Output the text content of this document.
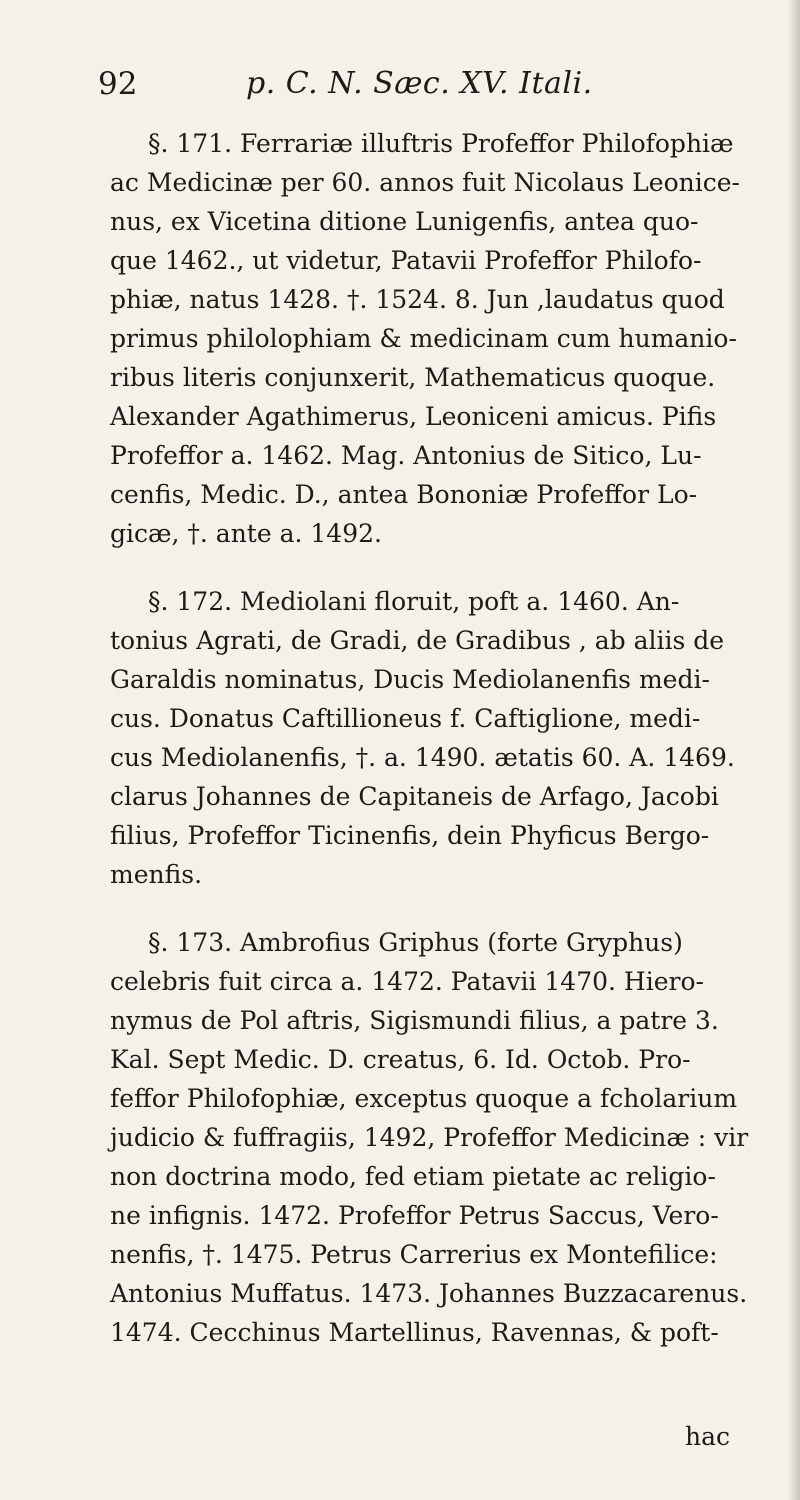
92	p. C. N. Sæc. XV. Itali.

§. 171. Ferrariæ illuftris Profeffor Philofophiæ
ac Medicinæ per 60. annos fuit Nicolaus Leonice-
nus, ex Vicetina ditione Lunigenfis, antea quo-
que 1462., ut videtur, Patavii Profeffor Philofo-
phiæ, natus 1428. †. 1524. 8. Jun ,laudatus quod
primus philolophiam & medicinam cum humanio-
ribus literis conjunxerit, Mathematicus quoque.
Alexander Agathimerus, Leoniceni amicus. Pifis
Profeffor a. 1462. Mag. Antonius de Sitico, Lu-
cenfis, Medic. D., antea Bononiæ Profeffor Lo-
gicæ, †. ante a. 1492.

§. 172. Mediolani floruit, poft a. 1460. An-
tonius Agrati, de Gradi, de Gradibus , ab aliis de
Garaldis nominatus, Ducis Mediolanenfis medi-
cus. Donatus Caftillioneus f. Caftiglione, medi-
cus Mediolanenfis, †. a. 1490. ætatis 60. A. 1469.
clarus Johannes de Capitaneis de Arfago, Jacobi
filius, Profeffor Ticinenfis, dein Phyficus Bergo-
menfis.

§. 173. Ambrofius Griphus (forte Gryphus)
celebris fuit circa a. 1472. Patavii 1470. Hiero-
nymus de Pol aftris, Sigismundi filius, a patre 3.
Kal. Sept Medic. D. creatus, 6. Id. Octob. Pro-
feffor Philofophiæ, exceptus quoque a fcholarium
judicio & fuffragiis, 1492, Profeffor Medicinæ : vir
non doctrina modo, fed etiam pietate ac religio-
ne infignis. 1472. Profeffor Petrus Saccus, Vero-
nenfis, †. 1475. Petrus Carrerius ex Montefilice:
Antonius Muffatus. 1473. Johannes Buzzacarenus.
1474. Cecchinus Martellinus, Ravennas, & poft-

hac
